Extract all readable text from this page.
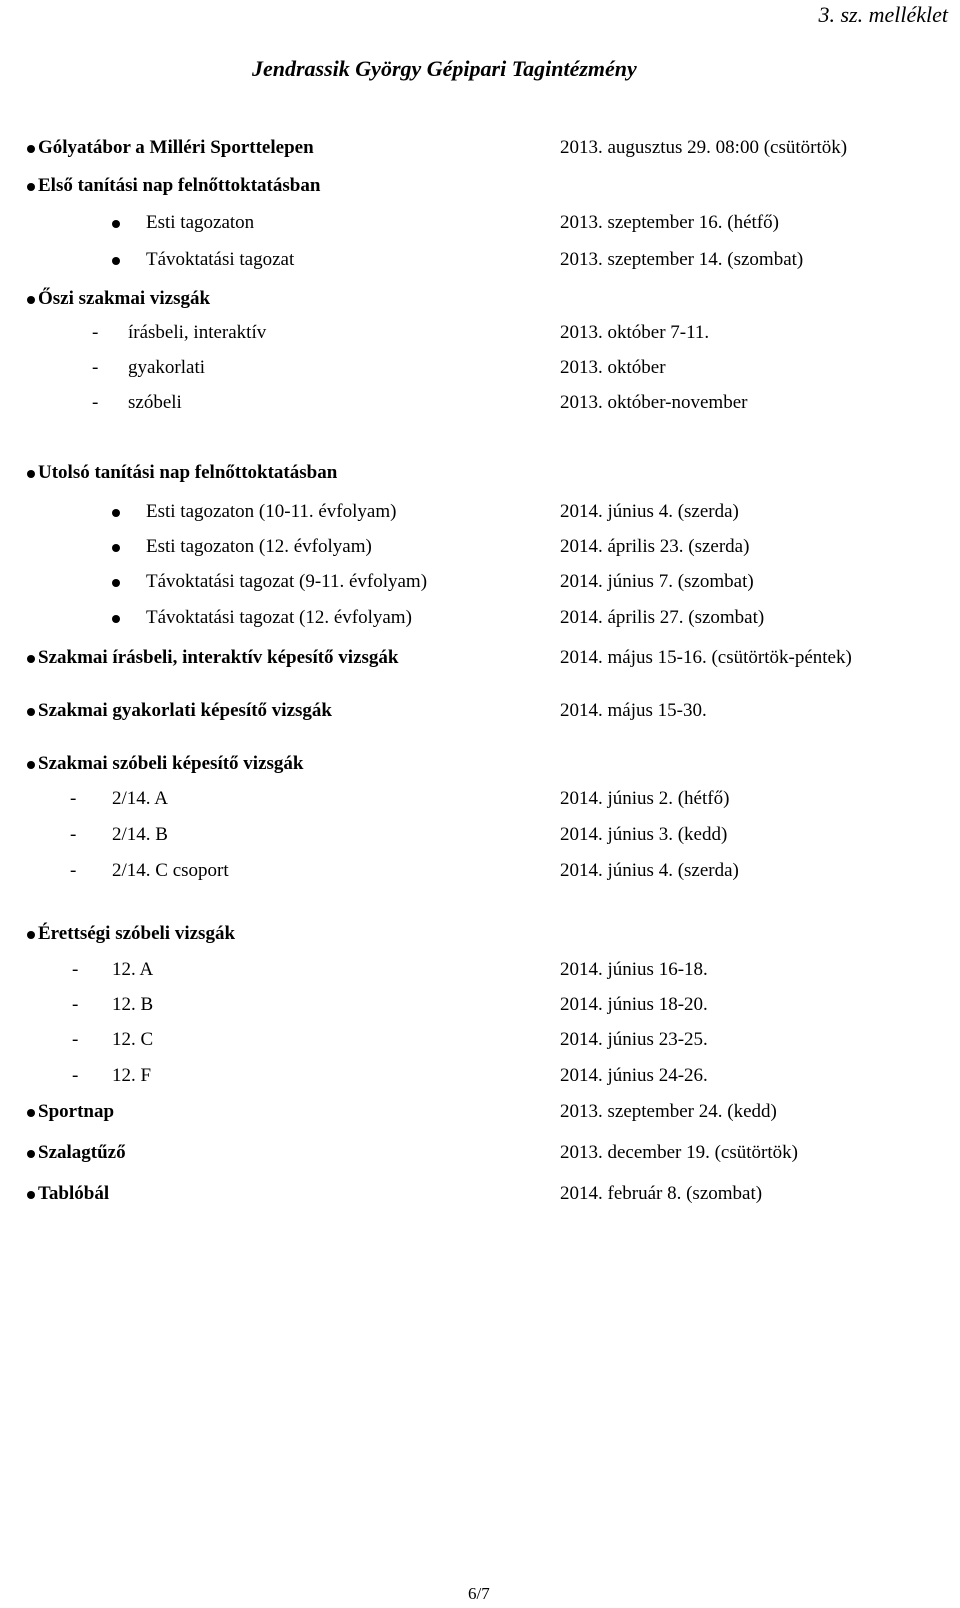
3. sz. melléklet
Jendrassik György Gépipari Tagintézmény
Gólyatábor a Milléri Sporttelepen	2013. augusztus 29. 08:00 (csütörtök)
Első tanítási nap felnőttoktatásban
Esti tagozaton	2013. szeptember 16. (hétfő)
Távoktatási tagozat	2013. szeptember 14. (szombat)
Őszi szakmai vizsgák
- írásbeli, interaktív	2013. október 7-11.
- gyakorlati	2013. október
- szóbeli	2013. október-november
Utolsó tanítási nap felnőttoktatásban
Esti tagozaton (10-11. évfolyam)	2014. június 4. (szerda)
Esti tagozaton (12. évfolyam)	2014. április 23. (szerda)
Távoktatási tagozat (9-11. évfolyam)	2014. június 7. (szombat)
Távoktatási tagozat (12. évfolyam)	2014. április 27. (szombat)
Szakmai írásbeli, interaktív képesítő vizsgák	2014. május 15-16. (csütörtök-péntek)
Szakmai gyakorlati képesítő vizsgák	2014. május 15-30.
Szakmai szóbeli képesítő vizsgák
- 2/14. A	2014. június 2. (hétfő)
- 2/14. B	2014. június 3. (kedd)
- 2/14. C csoport	2014. június 4. (szerda)
Érettségi szóbeli vizsgák
- 12. A	2014. június 16-18.
- 12. B	2014. június 18-20.
- 12. C	2014. június 23-25.
- 12. F	2014. június 24-26.
Sportnap	2013. szeptember 24. (kedd)
Szalagtűző	2013. december 19. (csütörtök)
Tablóbál	2014. február 8. (szombat)
6/7
